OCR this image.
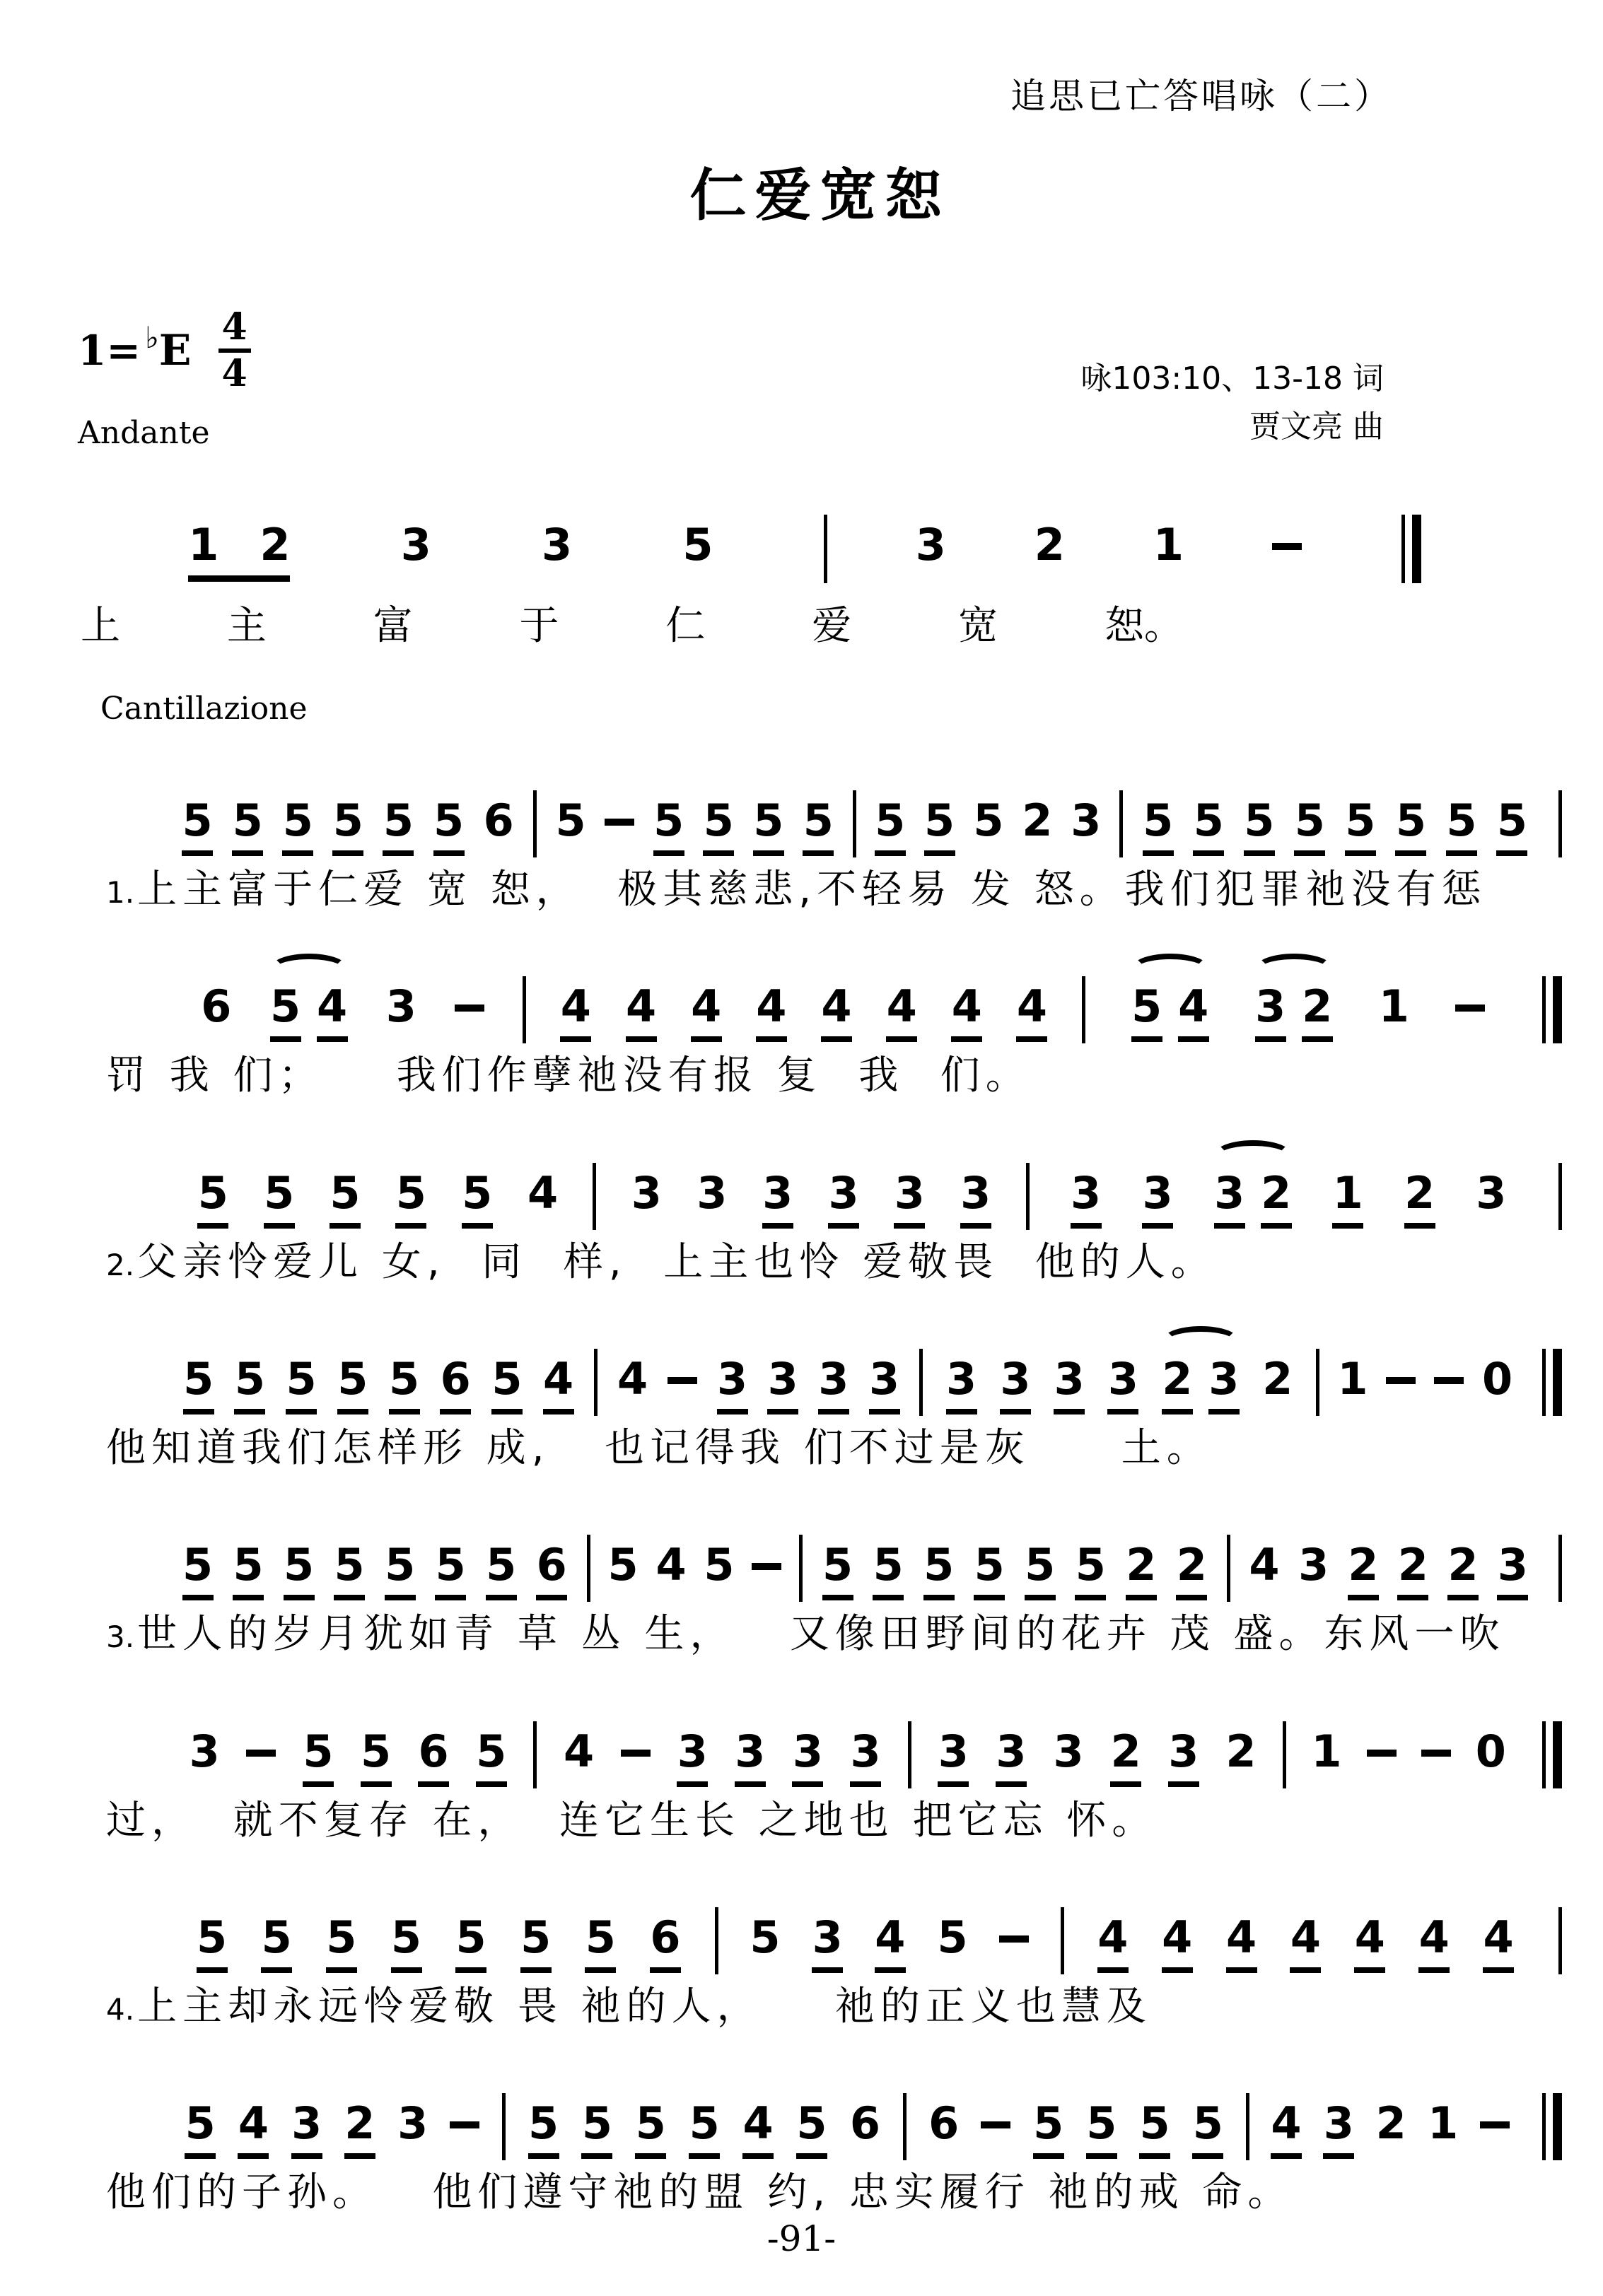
追思已亡答唱咏（二）
仁爱宽恕
1= ♭ E $\frac{4}{4}$
Andante
咏103:10、13-18 词
贾文亮 曲
1 2	3	3	5	3 2 1
上	主	富	于	仁	爱	宽	恕。
Cantillazione
5 5 5 5 5 5 6 5 5 5 5 5 5 5 5 2 3 5 5 5 5 5 5 5 5
1. 上主富于仁爱 宽 恕，  极其慈悲,不轻易 发 怒。我们犯罪祂没有惩
6 5 4 3	4 4 4 4 4 4 4 4 5 4 3 2 1
罚 我 们；    我们作孽祂没有报 复  我  们。
5 5 5 5 5 4 3 3 3 3 3 3 3 3 3 2 1 2 3
2. 父亲怜爱儿 女,  同  样,  上主也怜 爱敬畏  他的人。
5 5 5 5 5 6 5 4 4 3 3 3 3 3 3 3 3 2 3 2 1	0
他知道我们怎样形 成,   也记得我 们不过是灰     土。
5 5 5 5 5 5 5 6 5 4 5 5 5 5 5 5 5 2 2 4 3 2 2 2 3
3. 世人的岁月犹如青 草 丛 生，   又像田野间的花卉 茂 盛。东风一吹
3 5 5 6 5 4 3 3 3 3 3 3 3 2 3 2 1	0
过，  就不复存 在，  连它生长 之地也 把它忘 怀。
5 5 5 5 5 5 5 6 5 3 4 5	4 4 4 4 4 4 4
4. 上主却永远怜爱敬 畏 祂的人，    祂的正义也慧及
5 4 3 2 3 5 5 5 5 4 5 6 6 5 5 5 5 4 3 2 1
他们的子孙。   他们遵守祂的盟 约, 忠实履行 祂的戒 命。
-91-
